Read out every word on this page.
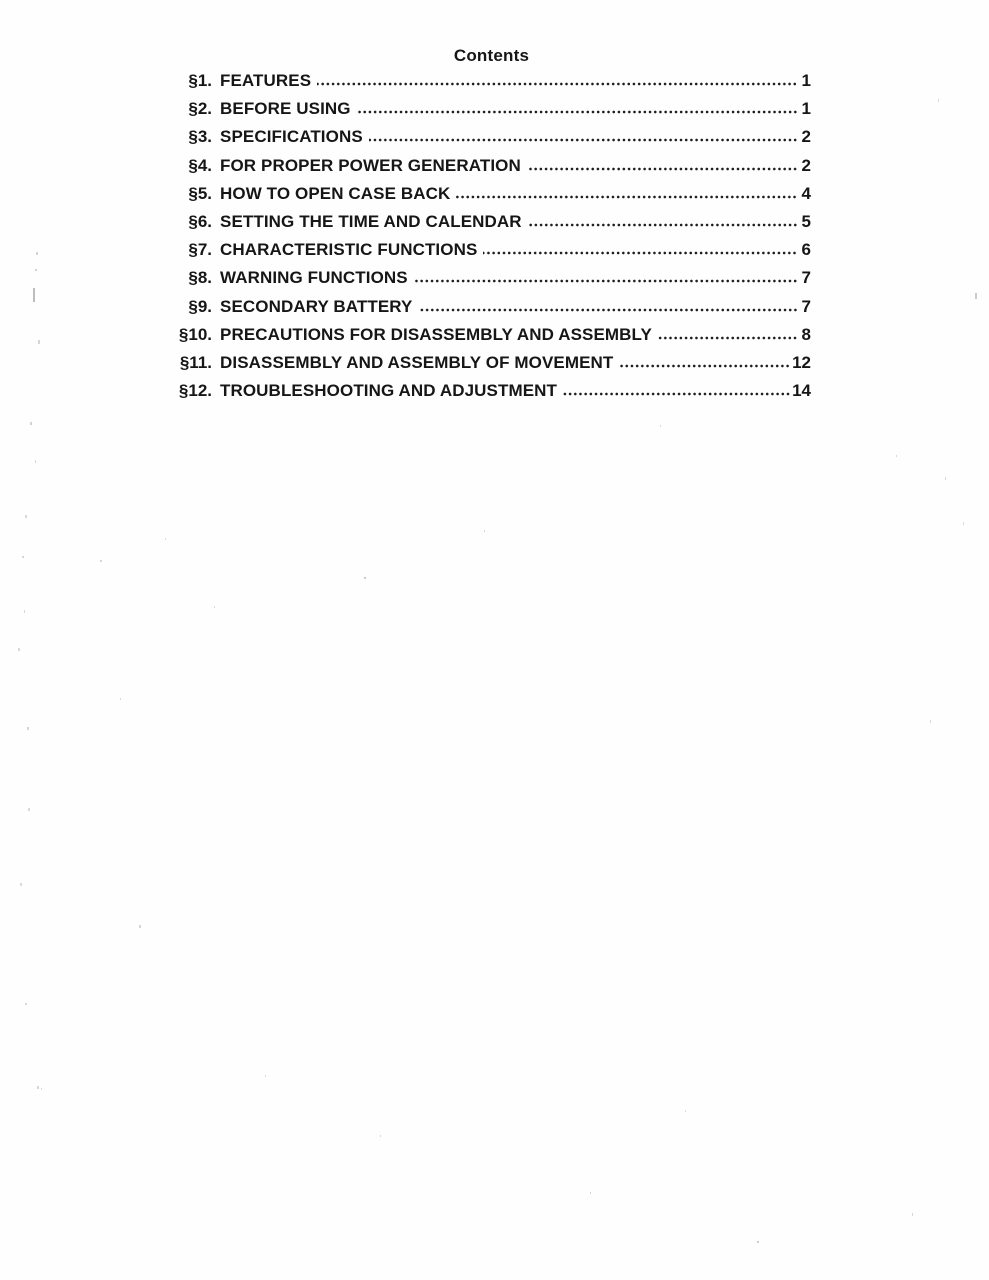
Contents
§1. FEATURES	1
§2. BEFORE USING	1
§3. SPECIFICATIONS	2
§4. FOR PROPER POWER GENERATION	2
§5. HOW TO OPEN CASE BACK	4
§6. SETTING THE TIME AND CALENDAR	5
§7. CHARACTERISTIC FUNCTIONS	6
§8. WARNING FUNCTIONS	7
§9. SECONDARY BATTERY	7
§10. PRECAUTIONS FOR DISASSEMBLY AND ASSEMBLY	8
§11. DISASSEMBLY AND ASSEMBLY OF MOVEMENT	12
§12. TROUBLESHOOTING AND ADJUSTMENT	14
